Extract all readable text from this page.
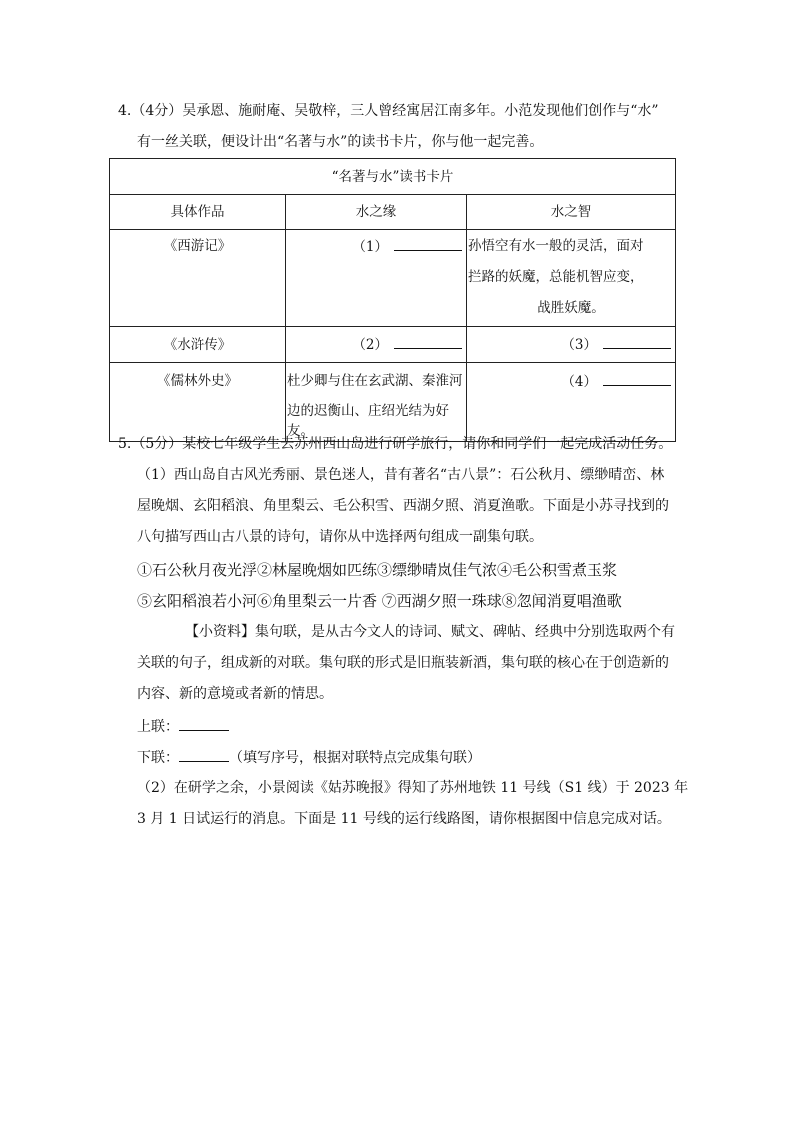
4.（4分）吴承恩、施耐庵、吴敬梓，三人曾经寓居江南多年。小范发现他们创作与“水”
有一丝关联，便设计出“名著与水”的读书卡片，你与他一起完善。
“名著与水”读书卡片		
具体作品	水之缘	水之智
《西游记》	（1）	孙悟空有水一般的灵活，面对
拦路的妖魔，总能机智应变，
战胜妖魔。

《水浒传》	（2）	（3）
《儒林外史》	杜少卿与住在玄武湖、秦淮河
边的迟衡山、庄绍光结为好友。	（4）
5.（5分）某校七年级学生去苏州西山岛进行研学旅行，请你和同学们一起完成活动任务。
（1）西山岛自古风光秀丽、景色迷人，昔有著名“古八景”：石公秋月、缥缈晴峦、林
屋晚烟、玄阳稻浪、角里梨云、毛公积雪、西湖夕照、消夏渔歌。下面是小苏寻找到的
八句描写西山古八景的诗句，请你从中选择两句组成一副集句联。
①石公秋月夜光浮②林屋晚烟如匹练③缥缈晴岚佳气浓④毛公积雪煮玉浆
⑤玄阳稻浪若小河⑥角里梨云一片香 ⑦西湖夕照一珠球⑧忽闻消夏唱渔歌
【小资料】集句联，是从古今文人的诗词、赋文、碑帖、经典中分别选取两个有
关联的句子，组成新的对联。集句联的形式是旧瓶装新酒，集句联的核心在于创造新的
内容、新的意境或者新的情思。
上联：
下联：	（填写序号，根据对联特点完成集句联）
（2）在研学之余，小景阅读《姑苏晚报》得知了苏州地铁 11 号线（S1 线）于 2023 年
3 月 1 日试运行的消息。下面是 11 号线的运行线路图，请你根据图中信息完成对话。
